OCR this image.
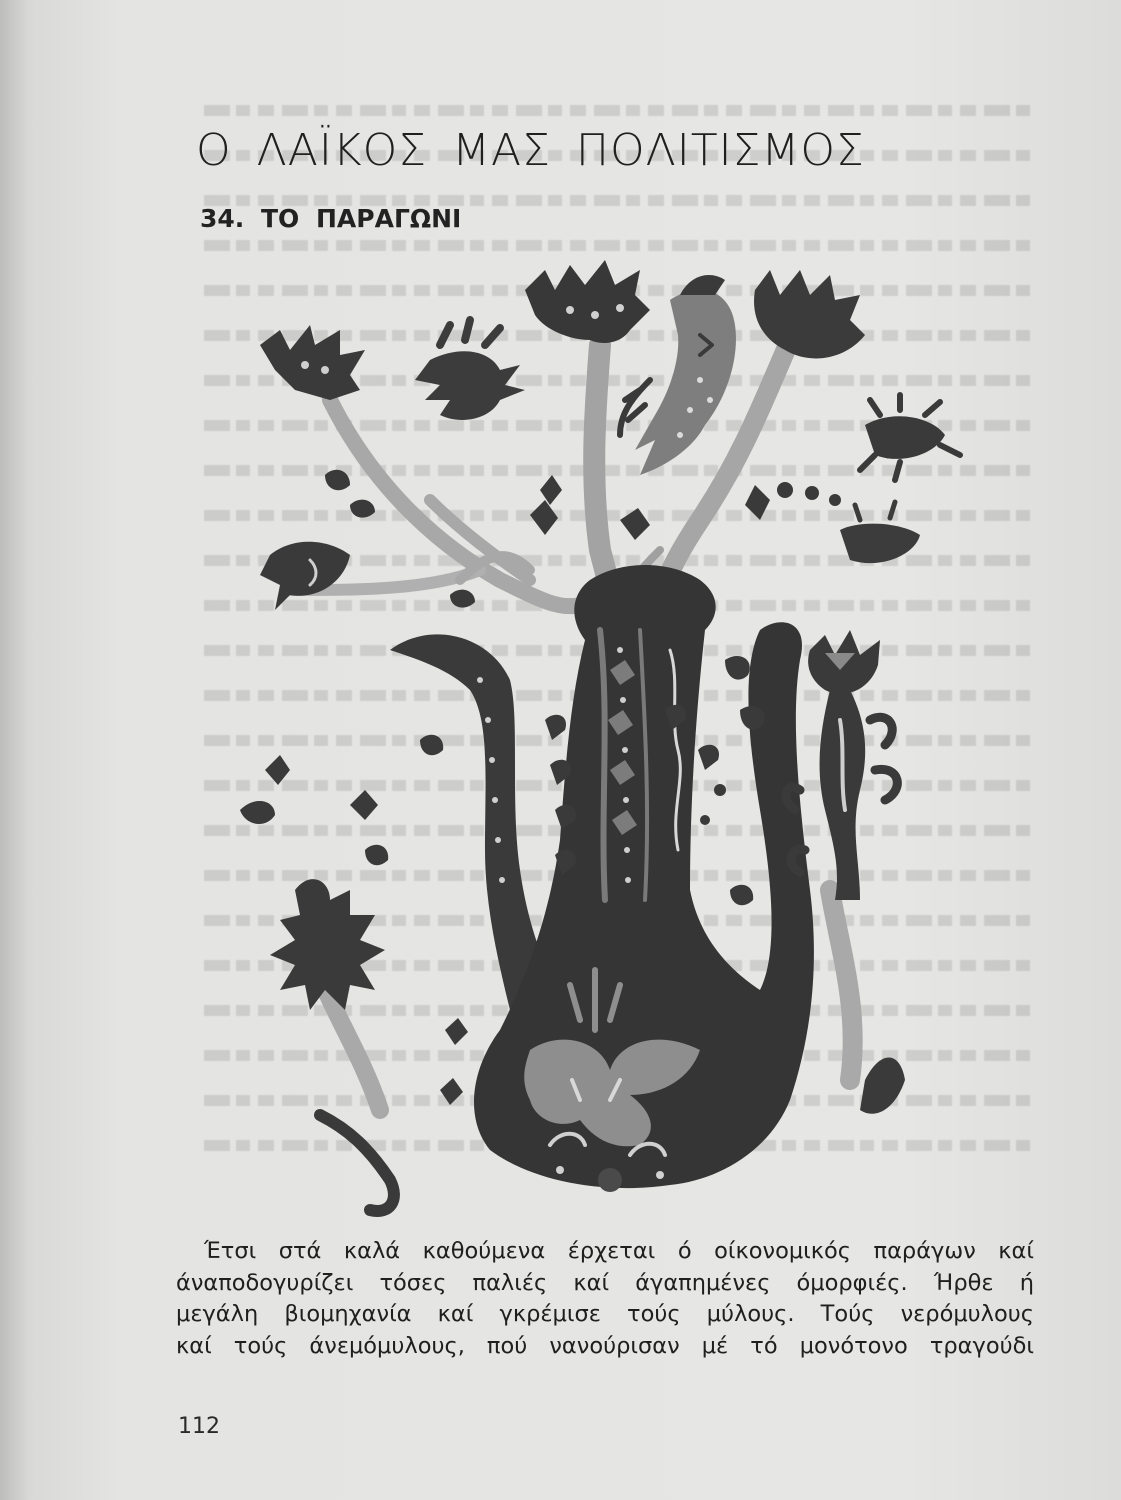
Ο ΛΑΪΚΟΣ ΜΑΣ ΠΟΛΙΤΙΣΜΟΣ
34. ΤΟ ΠΑΡΑΓΩΝΙ
Έτσι στά καλά καθούμενα έρχεται ό οίκονομικός παράγων καί
άναποδογυρίζει τόσες παλιές καί άγαπημένες όμορφιές. Ήρθε ή
μεγάλη βιομηχανία καί γκρέμισε τούς μύλους. Τούς νερόμυλους
καί τούς άνεμόμυλους, πού νανούρισαν μέ τό μονότονο τραγούδι
112
